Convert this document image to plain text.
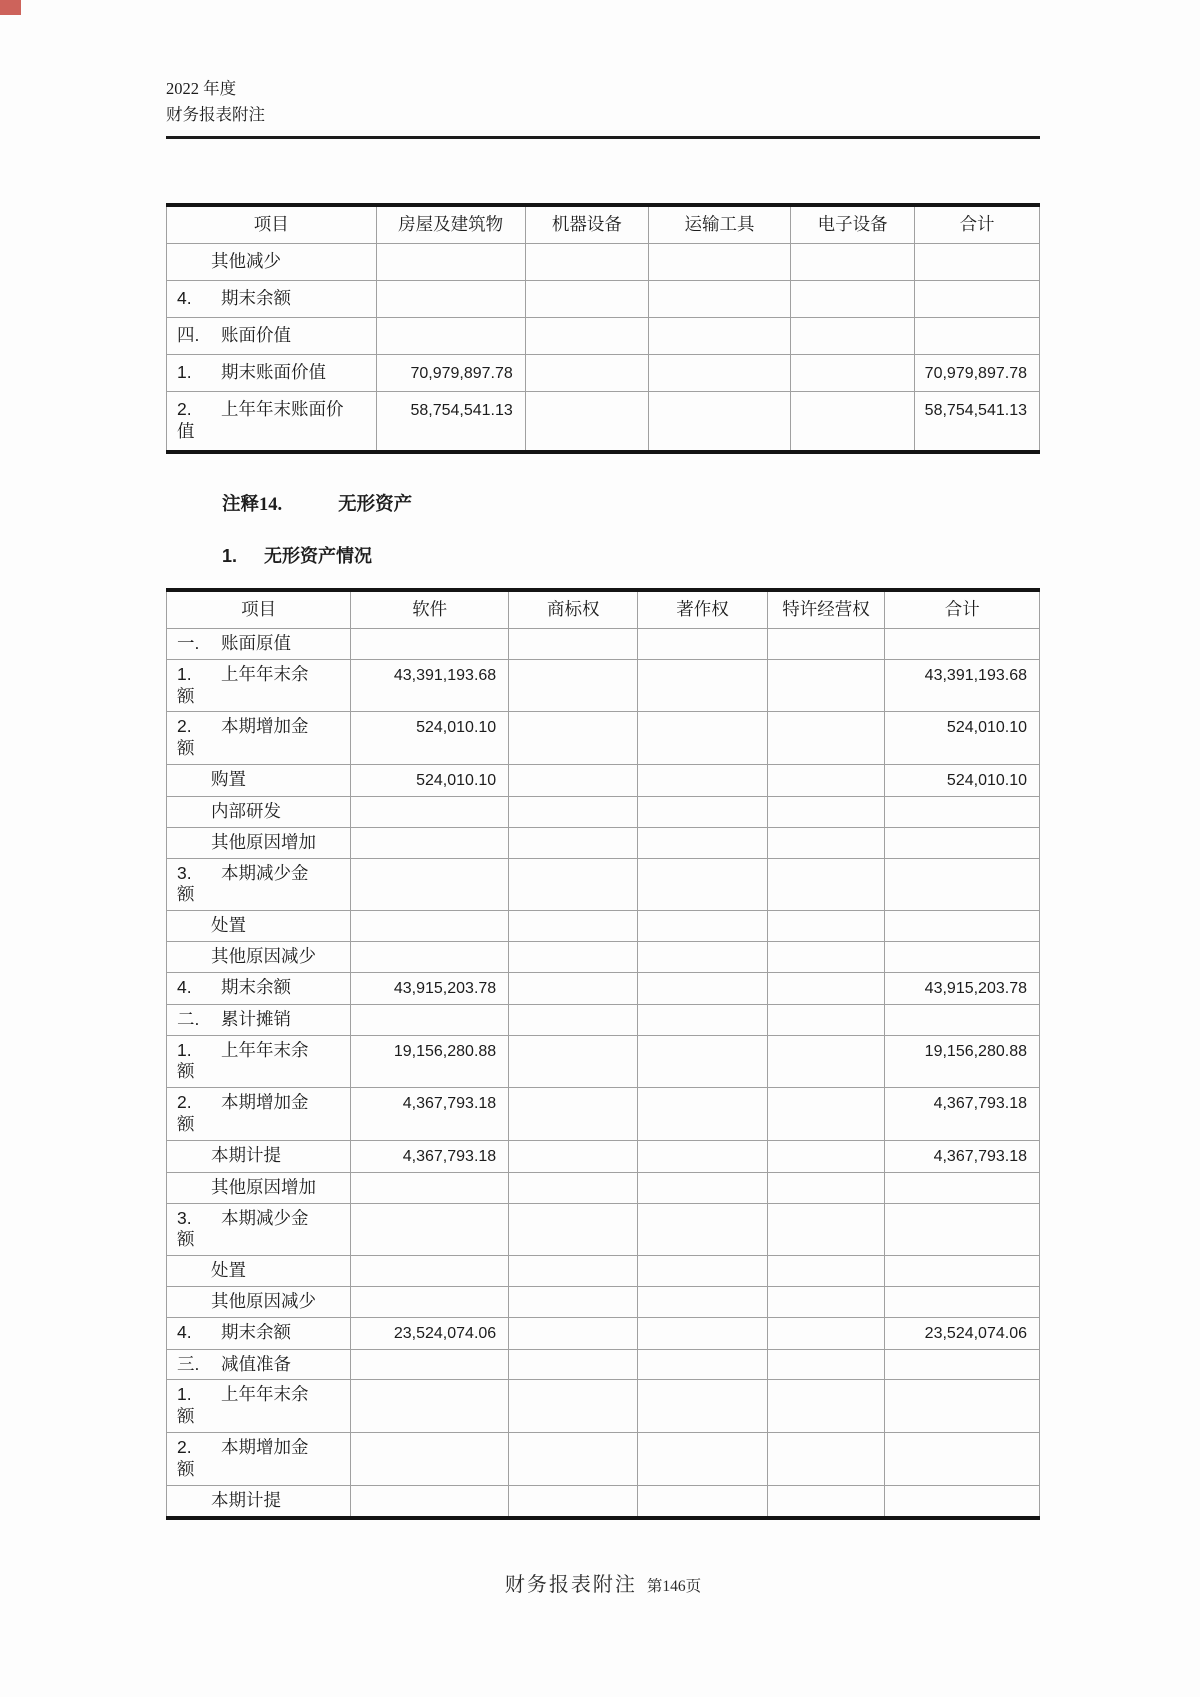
2022 年度
财务报表附注
项目	房屋及建筑物	机器设备	运输工具	电子设备	合计
其他减少					
4. 期末余额					
四. 账面价值					
1. 期末账面价值	70,979,897.78				70,979,897.78
2. 上年年末账面价值	58,754,541.13				58,754,541.13
注释14.	无形资产
1. 无形资产情况
项目	软件	商标权	著作权	特许经营权	合计
一. 账面原值					
1. 上年年末余额	43,391,193.68				43,391,193.68
2. 本期增加金额	524,010.10				524,010.10
购置	524,010.10				524,010.10
内部研发					
其他原因增加					
3. 本期减少金额					
处置					
其他原因减少					
4. 期末余额	43,915,203.78				43,915,203.78
二. 累计摊销					
1. 上年年末余额	19,156,280.88				19,156,280.88
2. 本期增加金额	4,367,793.18				4,367,793.18
本期计提	4,367,793.18				4,367,793.18
其他原因增加					
3. 本期减少金额					
处置					
其他原因减少					
4. 期末余额	23,524,074.06				23,524,074.06
三. 减值准备					
1. 上年年末余额					
2. 本期增加金额					
本期计提					
财务报表附注 第146页
